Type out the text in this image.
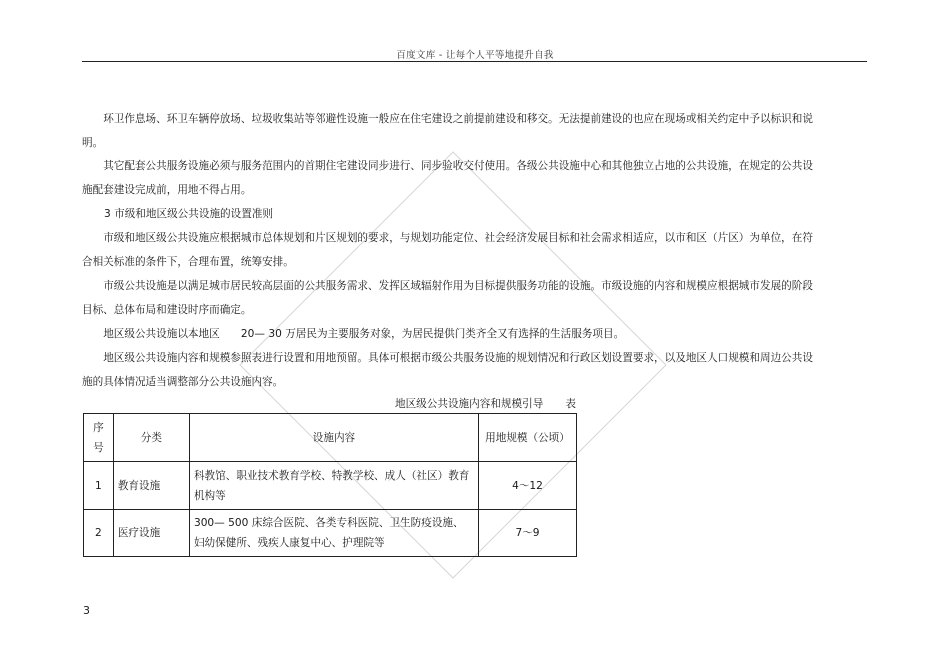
百度文库 - 让每个人平等地提升自我

环卫作息场、环卫车辆停放场、垃圾收集站等邻避性设施一般应在住宅建设之前提前建设和移交。无法提前建设的也应在现场或相关约定中予以标识和说明。

其它配套公共服务设施必须与服务范围内的首期住宅建设同步进行、同步验收交付使用。各级公共设施中心和其他独立占地的公共设施，在规定的公共设施配套建设完成前，用地不得占用。

3 市级和地区级公共设施的设置准则

市级和地区级公共设施应根据城市总体规划和片区规划的要求，与规划功能定位、社会经济发展目标和社会需求相适应，以市和区（片区）为单位，在符合相关标准的条件下，合理布置，统筹安排。

市级公共设施是以满足城市居民较高层面的公共服务需求、发挥区域辐射作用为目标提供服务功能的设施。市级设施的内容和规模应根据城市发展的阶段目标、总体布局和建设时序而确定。

地区级公共设施以本地区　　20— 30 万居民为主要服务对象，为居民提供门类齐全又有选择的生活服务项目。

地区级公共设施内容和规模参照表进行设置和用地预留。具体可根据市级公共服务设施的规划情况和行政区划设置要求，以及地区人口规模和周边公共设施的具体情况适当调整部分公共设施内容。

地区级公共设施内容和规模引导 表
序号	分类	设施内容	用地规模（公顷）
1	教育设施	科教馆、职业技术教育学校、特教学校、成人（社区）教育机构等	4～12
2	医疗设施	300— 500 床综合医院、各类专科医院、卫生防疫设施、妇幼保健所、残疾人康复中心、护理院等	7～9
3
